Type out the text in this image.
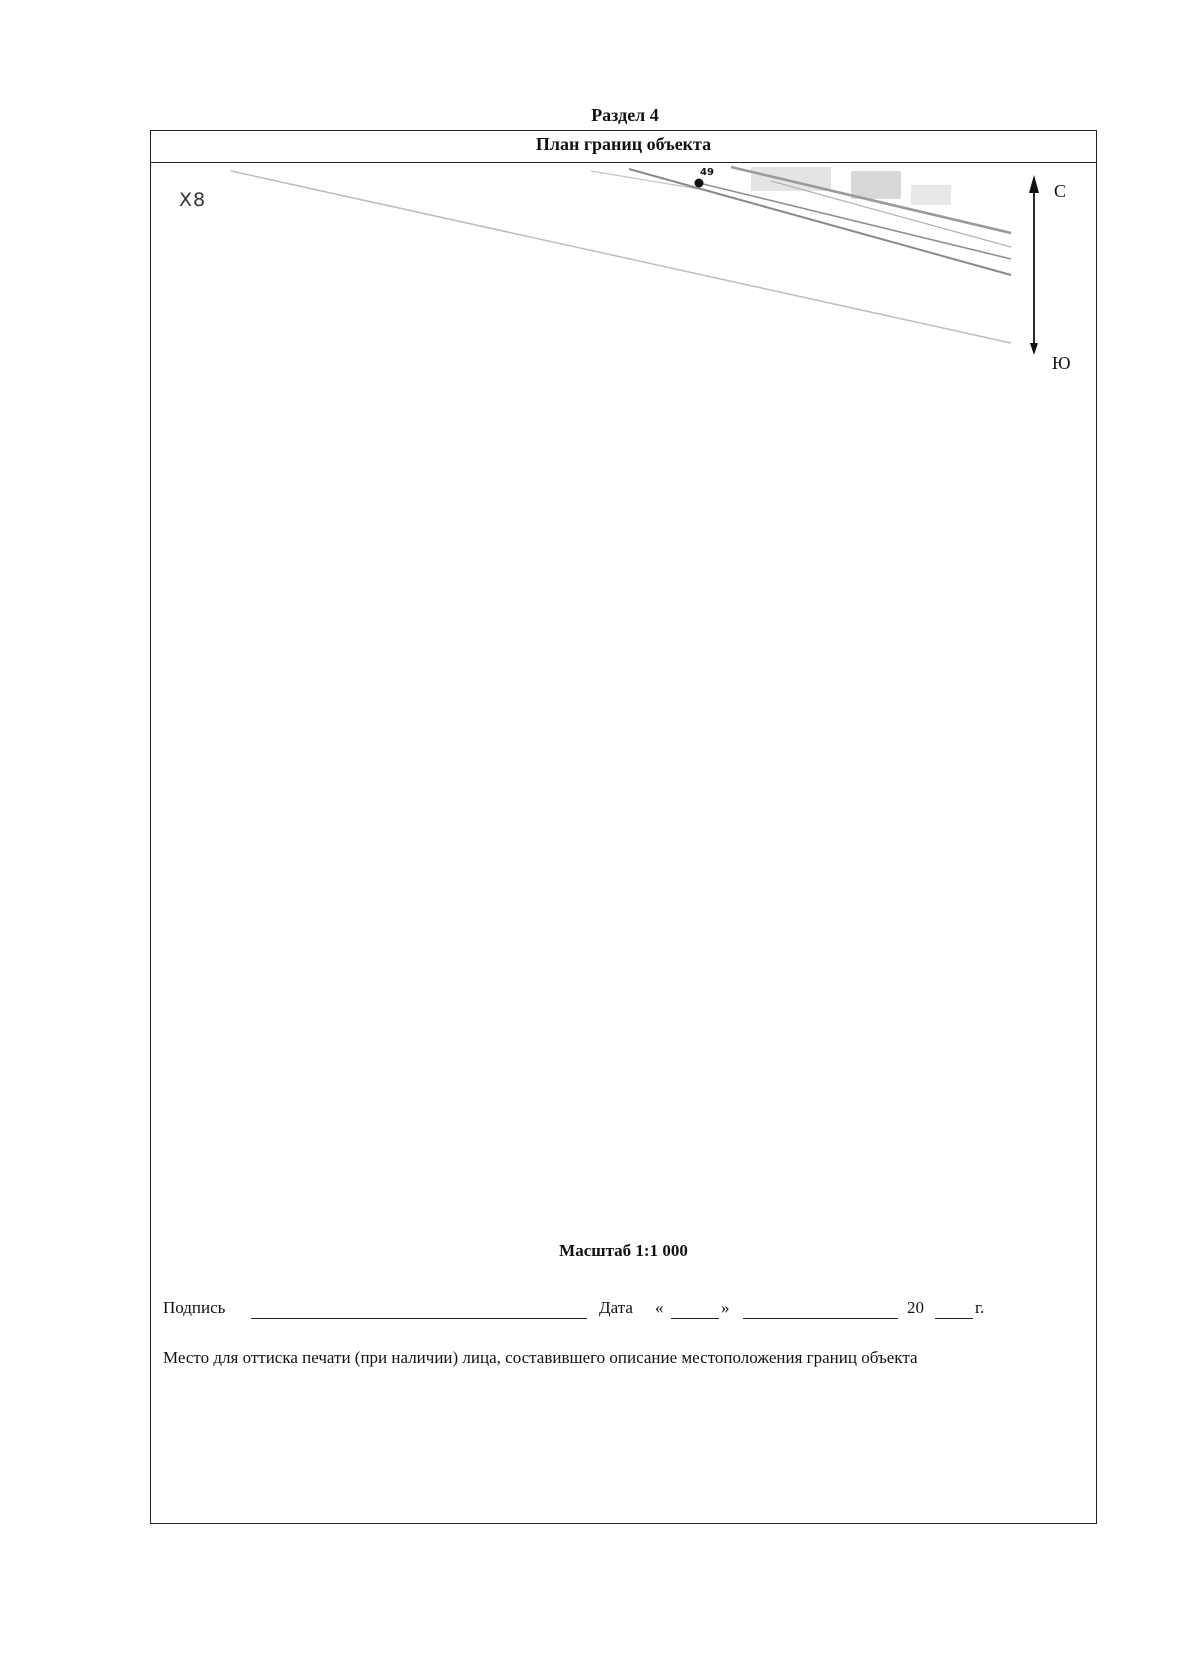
Раздел 4
План границ объекта
Х8
49
С
Ю
Масштаб 1:1 000
Подпись	Дата «	»	20	г.
Место для оттиска печати (при наличии) лица, составившего описание местоположения границ объекта
